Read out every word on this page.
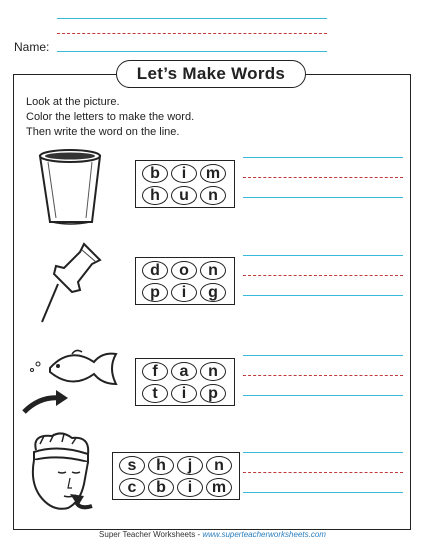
Name:
Let’s Make Words
Look at the picture.
Color the letters to make the word.
Then write the word on the line.
b	i	m
h	u	n
d	o	n
p	i	g
f	a	n
t	i	p
s	h	j	n
c	b	i	m
Super Teacher Worksheets - www.superteacherworksheets.com
